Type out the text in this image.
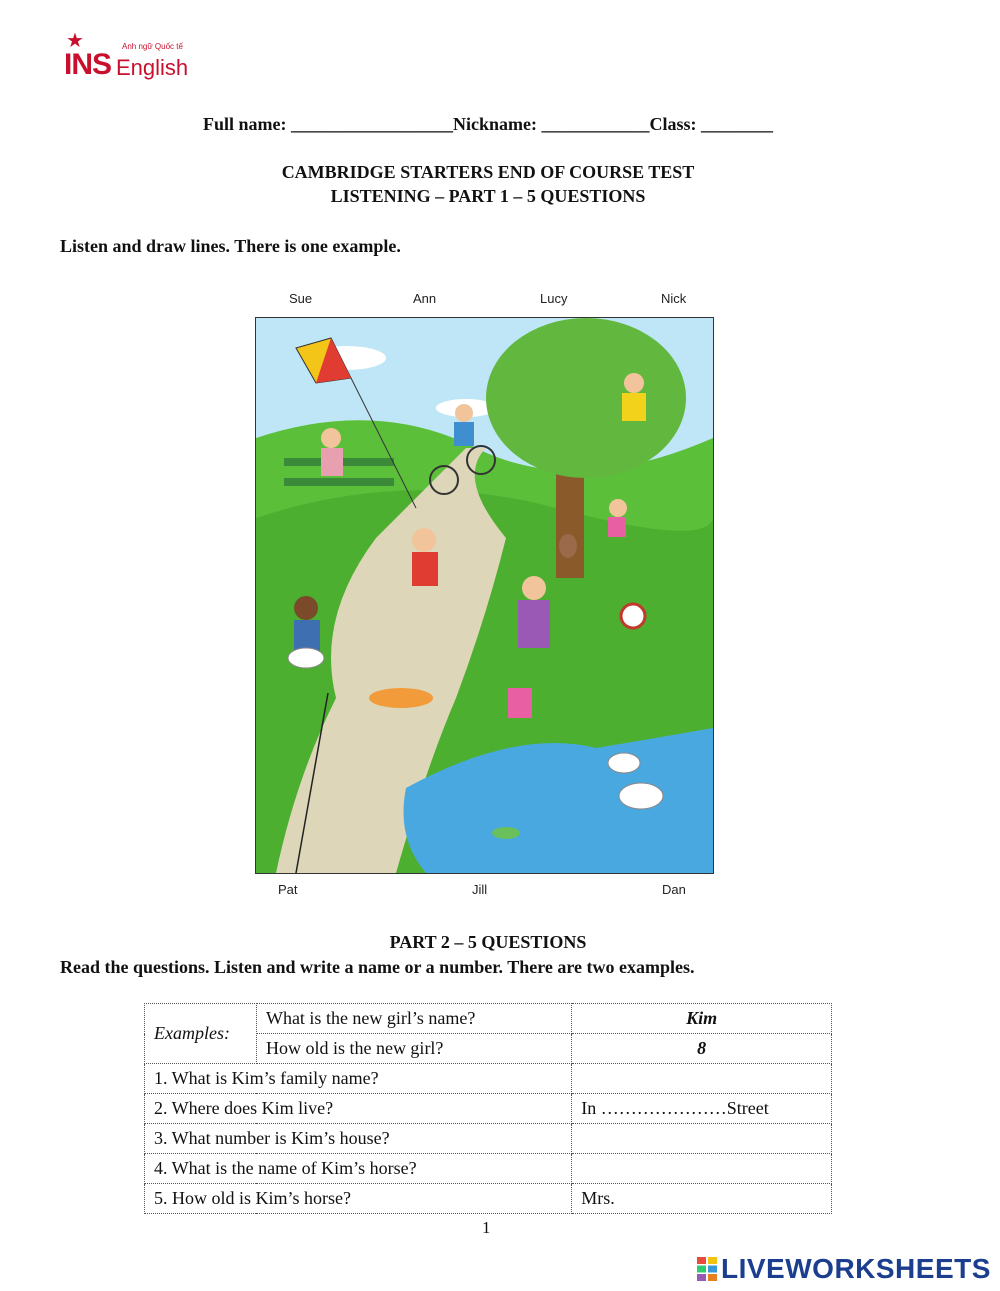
★	Anh ngữ Quốc tế
INS English
Full name: __________________Nickname: ____________Class: ________
CAMBRIDGE STARTERS END OF COURSE TEST
LISTENING – PART 1 – 5 QUESTIONS
Listen and draw lines. There is one example.
Sue	Ann	Lucy	Nick
Pat	Jill	Dan
PART 2 – 5 QUESTIONS
Read the questions. Listen and write a name or a number. There are two examples.
Examples:	What is the new girl’s name?	Kim
	How old is the new girl?	8
1. What is Kim’s family name?		
2. Where does Kim live?		In …………………Street
3. What number is Kim’s house?		
4. What is the name of Kim’s horse?		
5. How old is Kim’s horse?		Mrs.
1
LIVEWORKSHEETS
